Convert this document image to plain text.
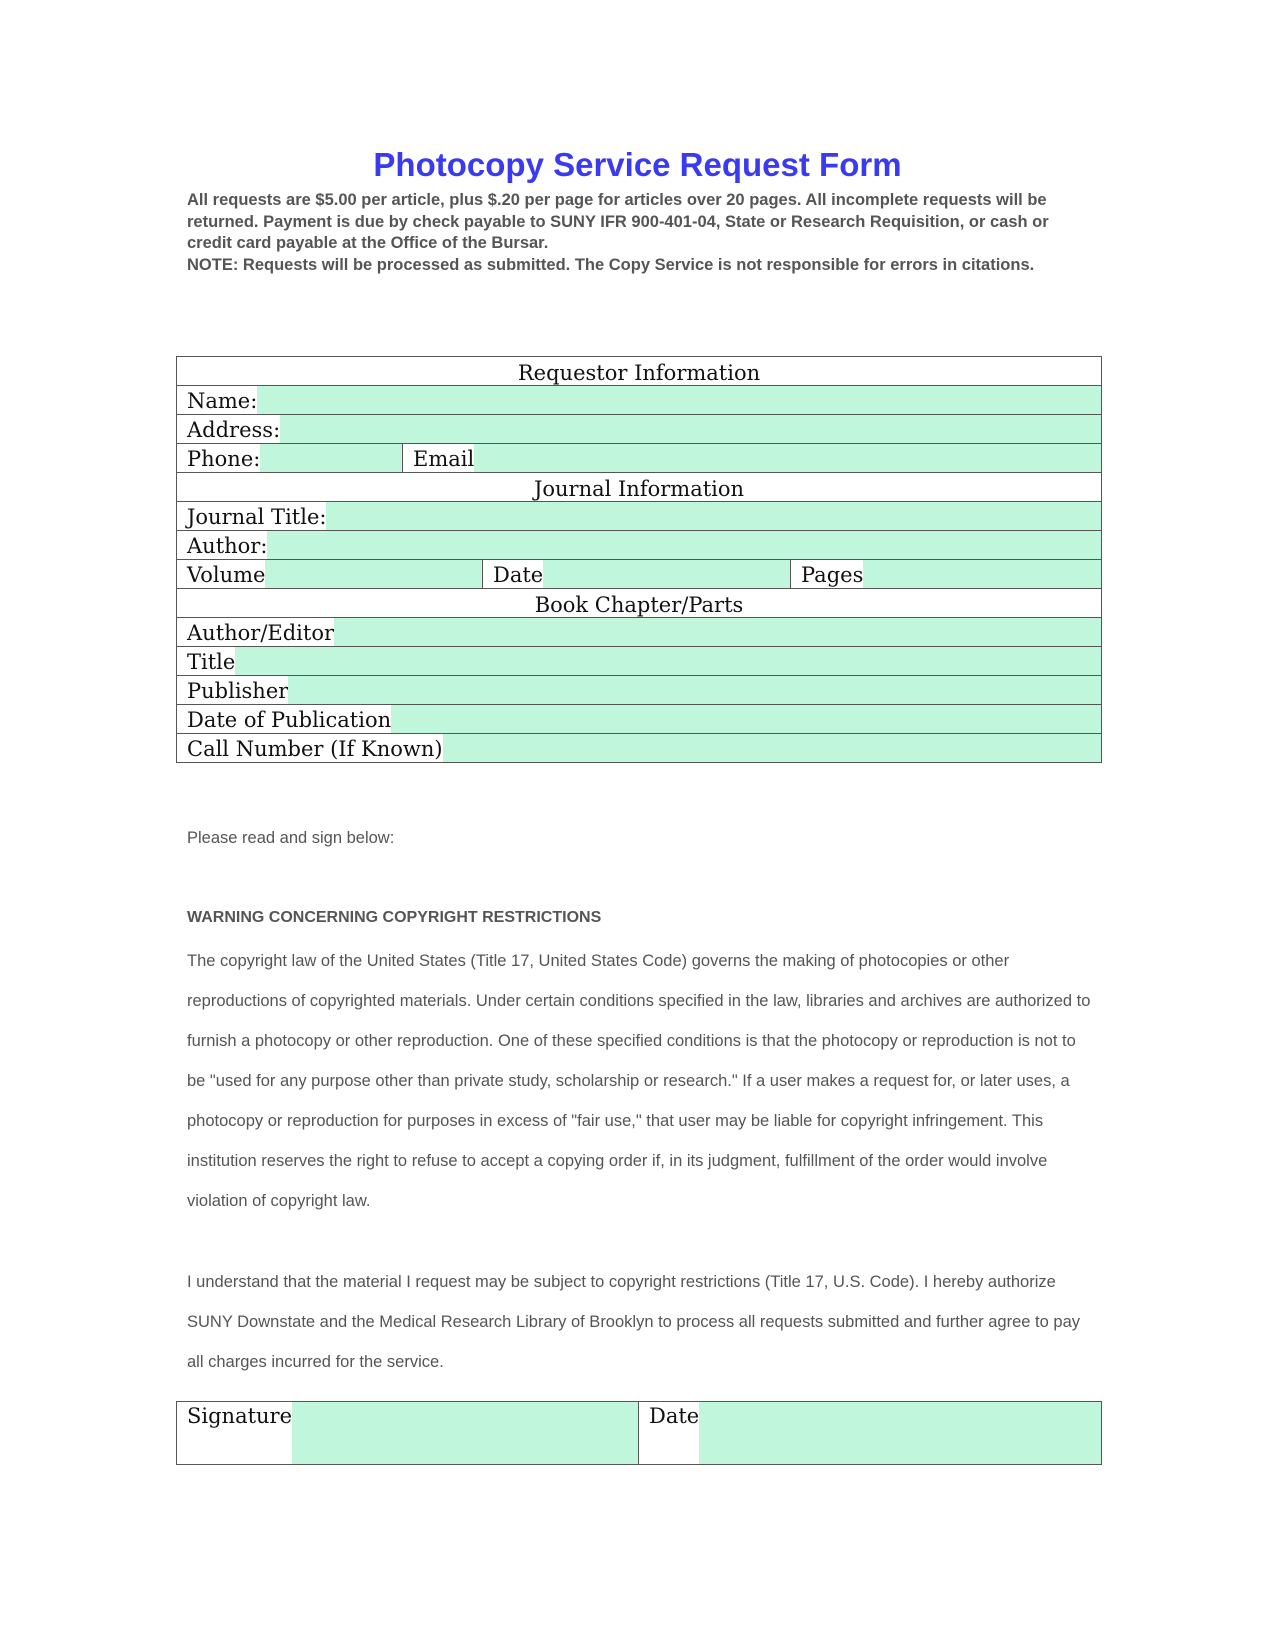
Photocopy Service Request Form

All requests are $5.00 per article, plus $.20 per page for articles over 20 pages. All incomplete requests will be returned. Payment is due by check payable to SUNY IFR 900-401-04, State or Research Requisition, or cash or credit card payable at the Office of the Bursar.

NOTE: Requests will be processed as submitted. The Copy Service is not responsible for errors in citations.

Requestor Information			

Name:			

Address:			

Phone:	Email		

Journal Information			

Journal Title:			

Author:			

Volume		Date	Pages

Book Chapter/Parts			

Author/Editor			

Title			

Publisher			

Date of Publication			

Call Number (If Known)			
Please read and sign below:
WARNING CONCERNING COPYRIGHT RESTRICTIONS
The copyright law of the United States (Title 17, United States Code) governs the making of photocopies or other reproductions of copyrighted materials. Under certain conditions specified in the law, libraries and archives are authorized to furnish a photocopy or other reproduction. One of these specified conditions is that the photocopy or reproduction is not to be "used for any purpose other than private study, scholarship or research." If a user makes a request for, or later uses, a photocopy or reproduction for purposes in excess of "fair use," that user may be liable for copyright infringement. This institution reserves the right to refuse to accept a copying order if, in its judgment, fulfillment of the order would involve violation of copyright law.
I understand that the material I request may be subject to copyright restrictions (Title 17, U.S. Code). I hereby authorize SUNY Downstate and the Medical Research Library of Brooklyn to process all requests submitted and further agree to pay all charges incurred for the service.
Signature	Date
